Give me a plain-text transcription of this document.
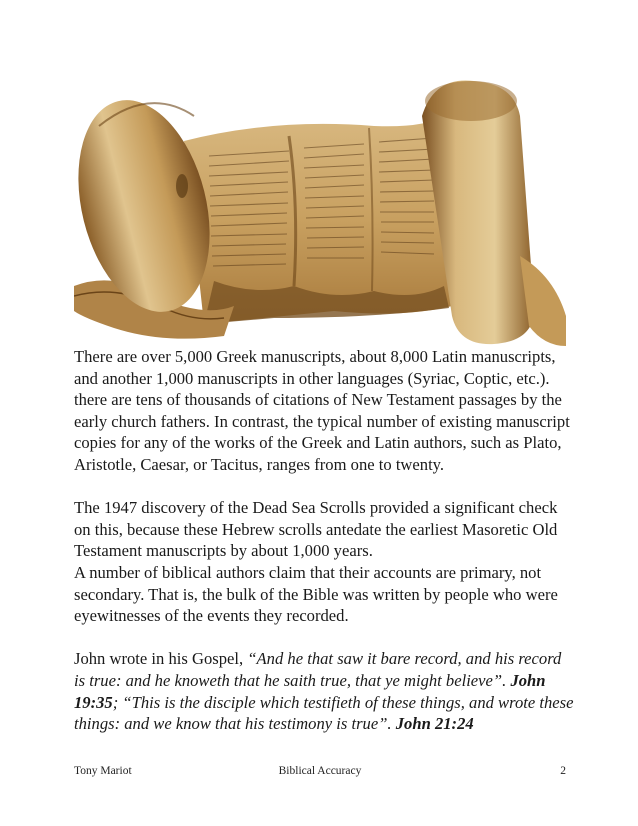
There are over 5,000 Greek manuscripts, about 8,000 Latin manuscripts, and another 1,000 manuscripts in other languages (Syriac, Coptic, etc.). there are tens of thousands of citations of New Testament passages by the early church fathers. In contrast, the typical number of existing manuscript copies for any of the works of the Greek and Latin authors, such as Plato, Aristotle, Caesar, or Tacitus, ranges from one to twenty.

The 1947 discovery of the Dead Sea Scrolls provided a significant check on this, because these Hebrew scrolls antedate the earliest Masoretic Old Testament manuscripts by about 1,000 years.

A number of biblical authors claim that their accounts are primary, not secondary. That is, the bulk of the Bible was written by people who were eyewitnesses of the events they recorded.

John wrote in his Gospel, “And he that saw it bare record, and his record is true: and he knoweth that he saith true, that ye might believe”. John 19:35; “This is the disciple which testifieth of these things, and wrote these things: and we know that his testimony is true”. John 21:24

Tony Mariot	Biblical Accuracy	2
